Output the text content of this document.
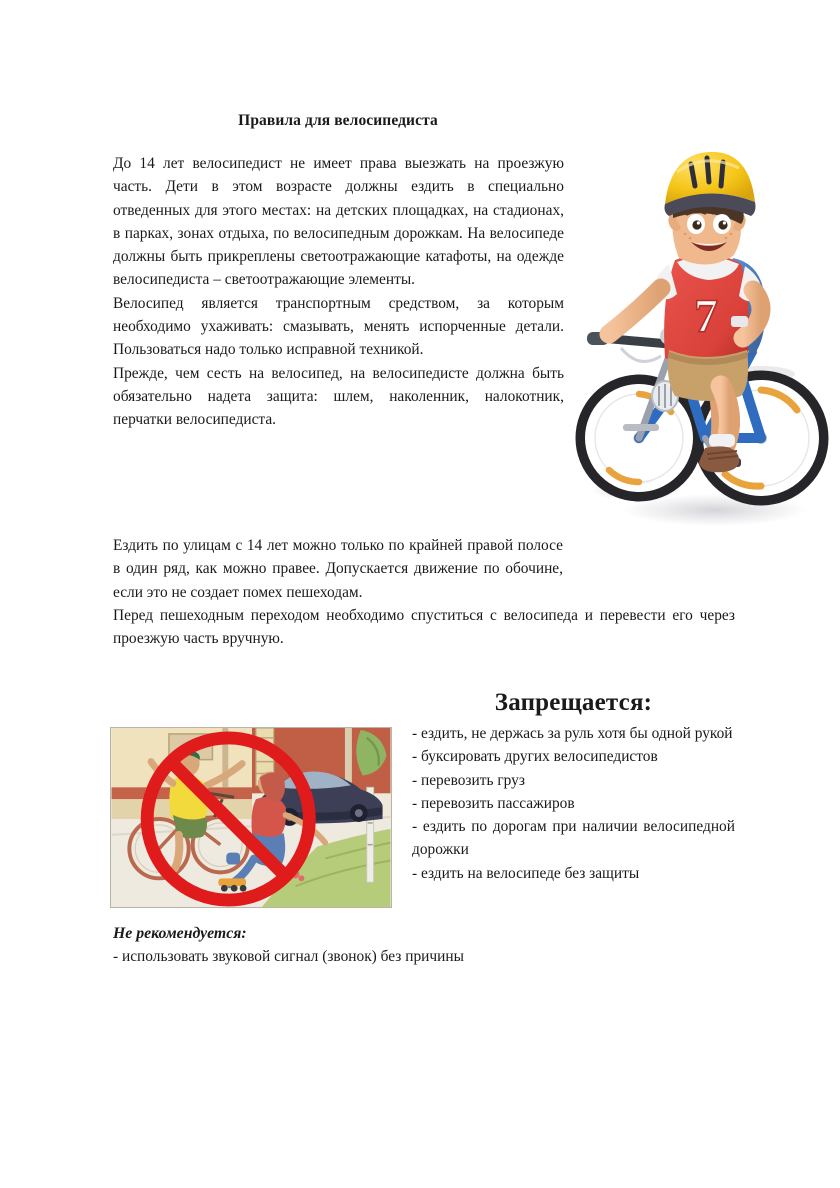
7
Правила для велосипедиста

До 14 лет велосипедист не имеет права выезжать на проезжую часть. Дети в этом возрасте должны ездить в специально отведенных для этого местах: на детских площадках, на стадионах, в парках, зонах отдыха, по велосипедным дорожкам. На велосипеде должны быть прикреплены светоотражающие катафоты, на одежде велосипедиста – светоотражающие элементы.

Велосипед является транспортным средством, за которым необходимо ухаживать: смазывать, менять испорченные детали. Пользоваться надо только исправной техникой.

Прежде, чем сесть на велосипед, на велосипедисте должна быть обязательно надета защита: шлем, наколенник, налокотник, перчатки велосипедиста.

Ездить по улицам с 14 лет можно только по крайней правой полосе в один ряд, как можно правее. Допускается движение по обочине, если это не создает помех пешеходам.

Перед пешеходным переходом необходимо спуститься с велосипеда и перевести его через проезжую часть вручную.

Запрещается:

- ездить, не держась за руль хотя бы одной рукой

- буксировать других велосипедистов

- перевозить груз

- перевозить пассажиров

- ездить по дорогам при наличии велосипедной дорожки

- ездить на велосипеде без защиты

Не рекомендуется:

- использовать звуковой сигнал (звонок) без причины
